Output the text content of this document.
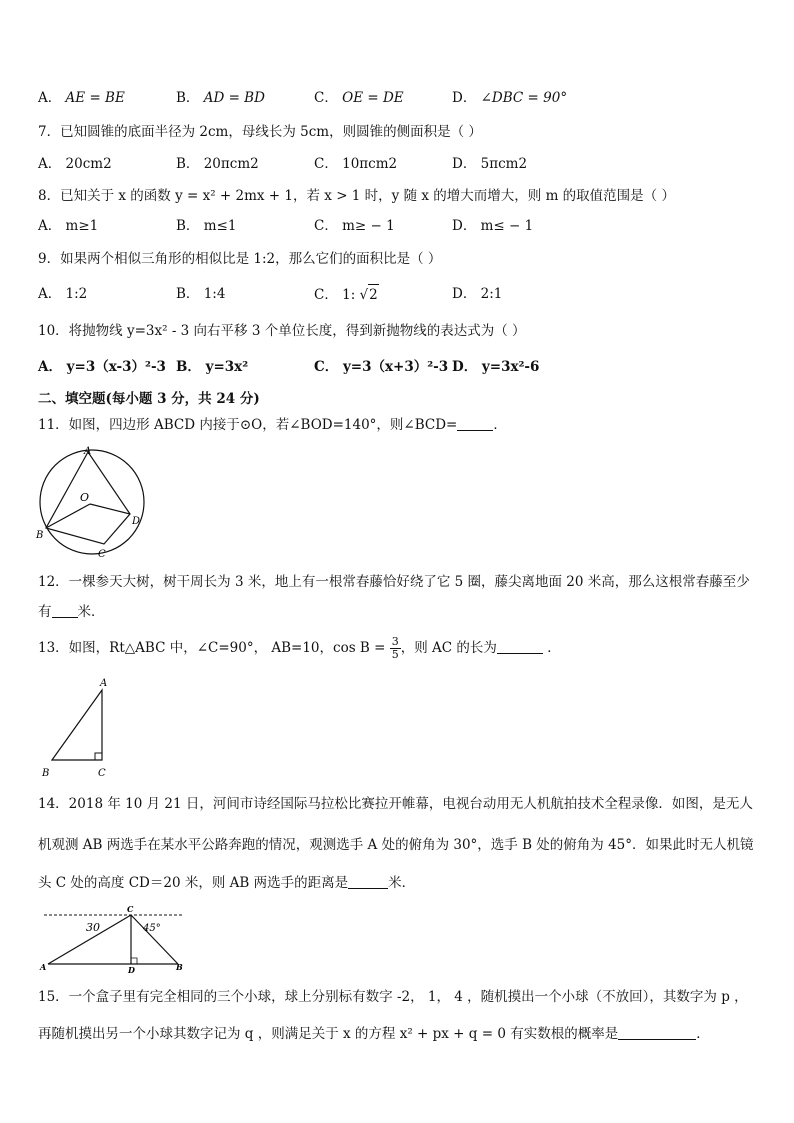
A． AE = BE	B． AD = BD	C． OE = DE	D． ∠DBC = 90°
7．已知圆锥的底面半径为 2cm，母线长为 5cm，则圆锥的侧面积是（ ）
A． 20cm2	B． 20πcm2	C． 10πcm2	D． 5πcm2
8．已知关于 x 的函数 y = x² + 2mx + 1，若 x > 1 时，y 随 x 的增大而增大，则 m 的取值范围是（ ）
A． m≥1	B． m≤1	C． m≥ − 1	D． m≤ − 1
9．如果两个相似三角形的相似比是 1:2，那么它们的面积比是（ ）
A． 1:2	B． 1:4	C． 1: √2	D． 2:1
10．将抛物线 y=3x² - 3 向右平移 3 个单位长度，得到新抛物线的表达式为（ ）
A． y=3（x-3）²-3 B． y=3x²	C． y=3（x+3）²-3 D． y=3x²-6
二、填空题(每小题 3 分，共 24 分)
11．如图，四边形 ABCD 内接于⊙O，若∠BOD=140°，则∠BCD=	．
A
O
B
C
D
12．一棵参天大树，树干周长为 3 米，地上有一根常春藤恰好绕了它 5 圈，藤尖离地面 20 米高，那么这根常春藤至少
有 米．
13．如图，Rt△ABC 中，∠C=90°， AB=10，$\cos B = \frac{3}{5}$ ，则 AC 的长为	．
A
B	C
14．2018 年 10 月 21 日，河间市诗经国际马拉松比赛拉开帷幕，电视台动用无人机航拍技术全程录像．如图，是无人
机观测 AB 两选手在某水平公路奔跑的情况，观测选手 A 处的俯角为 30°，选手 B 处的俯角为 45°．如果此时无人机镜
头 C 处的高度 CD＝20 米，则 AB 两选手的距离是	米．
C
A	D	B
30	45°
15．一个盒子里有完全相同的三个小球，球上分别标有数字 -2， 1， 4 ，随机摸出一个小球（不放回），其数字为 p ，
再随机摸出另一个小球其数字记为 q ，则满足关于 x 的方程 x² + px + q = 0 有实数根的概率是	．
